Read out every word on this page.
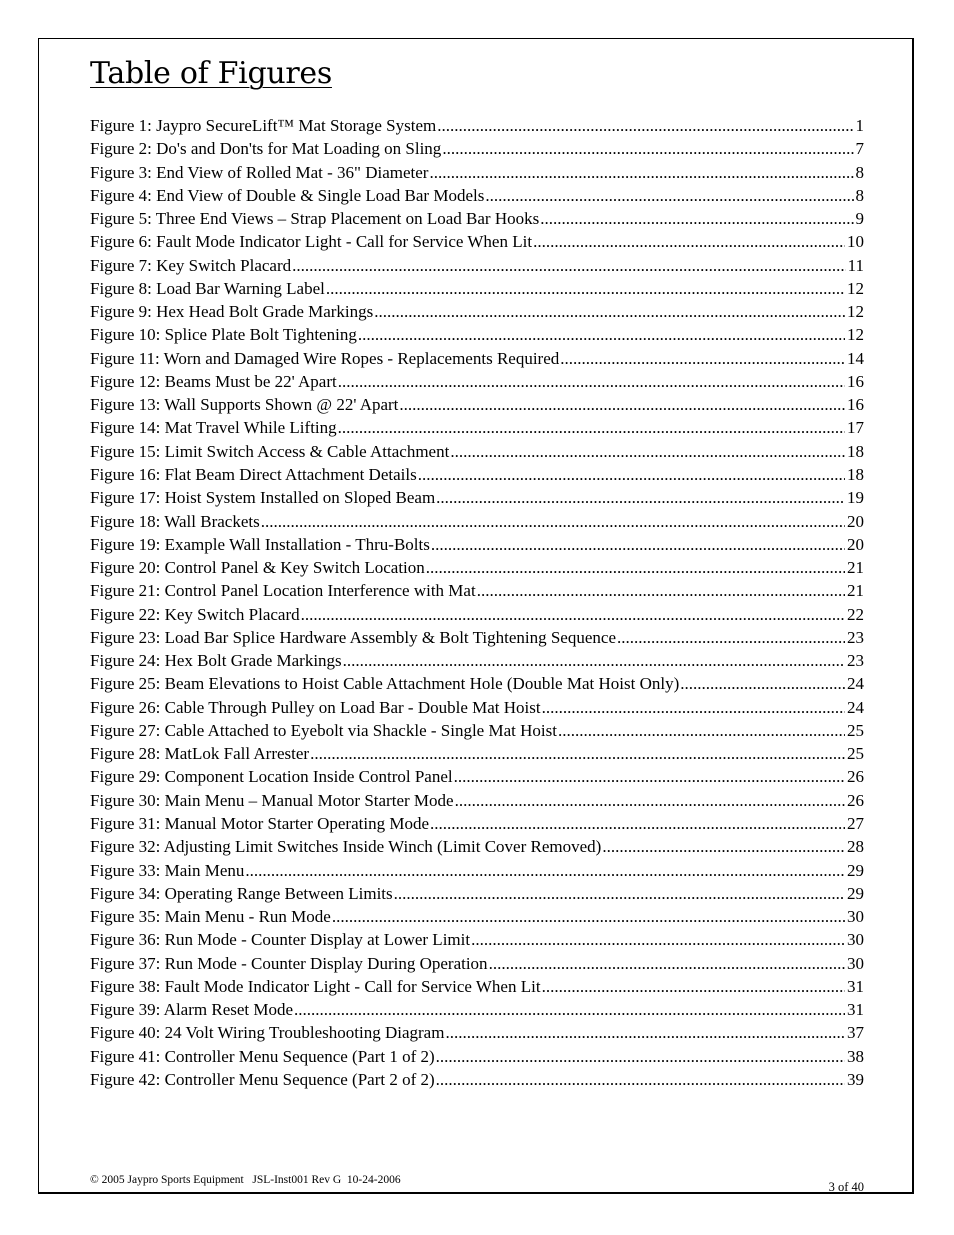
Table of Figures
Figure 1: Jaypro SecureLift™ Mat Storage System .....	1
Figure 2: Do's and Don'ts for Mat Loading on Sling .....	7
Figure 3: End View of Rolled Mat - 36" Diameter .....	8
Figure 4: End View of Double & Single Load Bar Models .....	8
Figure 5: Three End Views – Strap Placement on Load Bar Hooks .....	9
Figure 6: Fault Mode Indicator Light - Call for Service When Lit .....	10
Figure 7: Key Switch Placard .....	11
Figure 8: Load Bar Warning Label .....	12
Figure 9: Hex Head Bolt Grade Markings .....	12
Figure 10: Splice Plate Bolt Tightening .....	12
Figure 11: Worn and Damaged Wire Ropes - Replacements Required .....	14
Figure 12: Beams Must be 22' Apart .....	16
Figure 13: Wall Supports Shown @ 22' Apart .....	16
Figure 14: Mat Travel While Lifting .....	17
Figure 15: Limit Switch Access & Cable Attachment .....	18
Figure 16: Flat Beam Direct Attachment Details .....	18
Figure 17: Hoist System Installed on Sloped Beam .....	19
Figure 18: Wall Brackets .....	20
Figure 19: Example Wall Installation - Thru-Bolts .....	20
Figure 20: Control Panel & Key Switch Location .....	21
Figure 21: Control Panel Location Interference with Mat .....	21
Figure 22: Key Switch Placard .....	22
Figure 23: Load Bar Splice Hardware Assembly & Bolt Tightening Sequence .....	23
Figure 24: Hex Bolt Grade Markings .....	23
Figure 25: Beam Elevations to Hoist Cable Attachment Hole (Double Mat Hoist Only) .....	24
Figure 26: Cable Through Pulley on Load Bar - Double Mat Hoist .....	24
Figure 27: Cable Attached to Eyebolt via Shackle - Single Mat Hoist .....	25
Figure 28: MatLok Fall Arrester .....	25
Figure 29: Component Location Inside Control Panel .....	26
Figure 30: Main Menu – Manual Motor Starter Mode .....	26
Figure 31: Manual Motor Starter Operating Mode .....	27
Figure 32: Adjusting Limit Switches Inside Winch (Limit Cover Removed) .....	28
Figure 33: Main Menu .....	29
Figure 34: Operating Range Between Limits .....	29
Figure 35: Main Menu - Run Mode .....	30
Figure 36: Run Mode - Counter Display at Lower Limit .....	30
Figure 37: Run Mode - Counter Display During Operation .....	30
Figure 38: Fault Mode Indicator Light - Call for Service When Lit .....	31
Figure 39: Alarm Reset Mode .....	31
Figure 40: 24 Volt Wiring Troubleshooting Diagram .....	37
Figure 41: Controller Menu Sequence (Part 1 of 2) .....	38
Figure 42: Controller Menu Sequence (Part 2 of 2) .....	39
© 2005 Jaypro Sports Equipment   JSL-Inst001 Rev G  10-24-2006	3 of 40
